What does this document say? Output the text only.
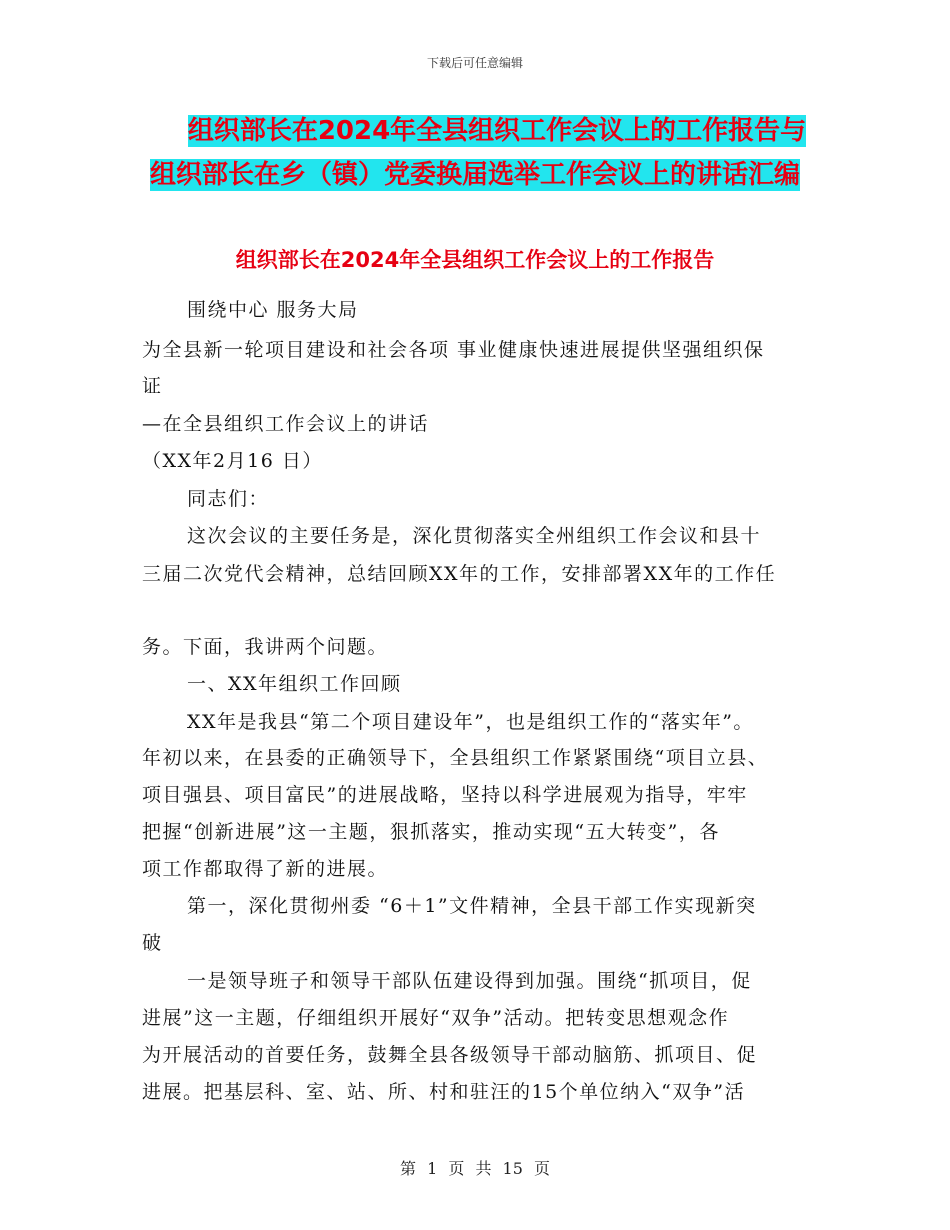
下载后可任意编辑
组织部长在2024年全县组织工作会议上的工作报告与
组织部长在乡（镇）党委换届选举工作会议上的讲话汇编
组织部长在2024年全县组织工作会议上的工作报告
围绕中心 服务大局
为全县新一轮项目建设和社会各项 事业健康快速进展提供坚强组织保
证
—在全县组织工作会议上的讲话
（XX年2月16 日）
同志们：
这次会议的主要任务是，深化贯彻落实全州组织工作会议和县十
三届二次党代会精神，总结回顾XX年的工作，安排部署XX年的工作任
务。下面，我讲两个问题。
一、XX年组织工作回顾
XX年是我县“第二个项目建设年”，也是组织工作的“落实年”。
年初以来，在县委的正确领导下，全县组织工作紧紧围绕“项目立县、
项目强县、项目富民”的进展战略，坚持以科学进展观为指导，牢牢
把握“创新进展”这一主题，狠抓落实，推动实现“五大转变”，各
项工作都取得了新的进展。
第一，深化贯彻州委 “6＋1”文件精神，全县干部工作实现新突
破
一是领导班子和领导干部队伍建设得到加强。围绕“抓项目，促
进展”这一主题，仔细组织开展好“双争”活动。把转变思想观念作
为开展活动的首要任务，鼓舞全县各级领导干部动脑筋、抓项目、促
进展。把基层科、室、站、所、村和驻汪的15个单位纳入“双争”活
第 1 页 共 15 页
